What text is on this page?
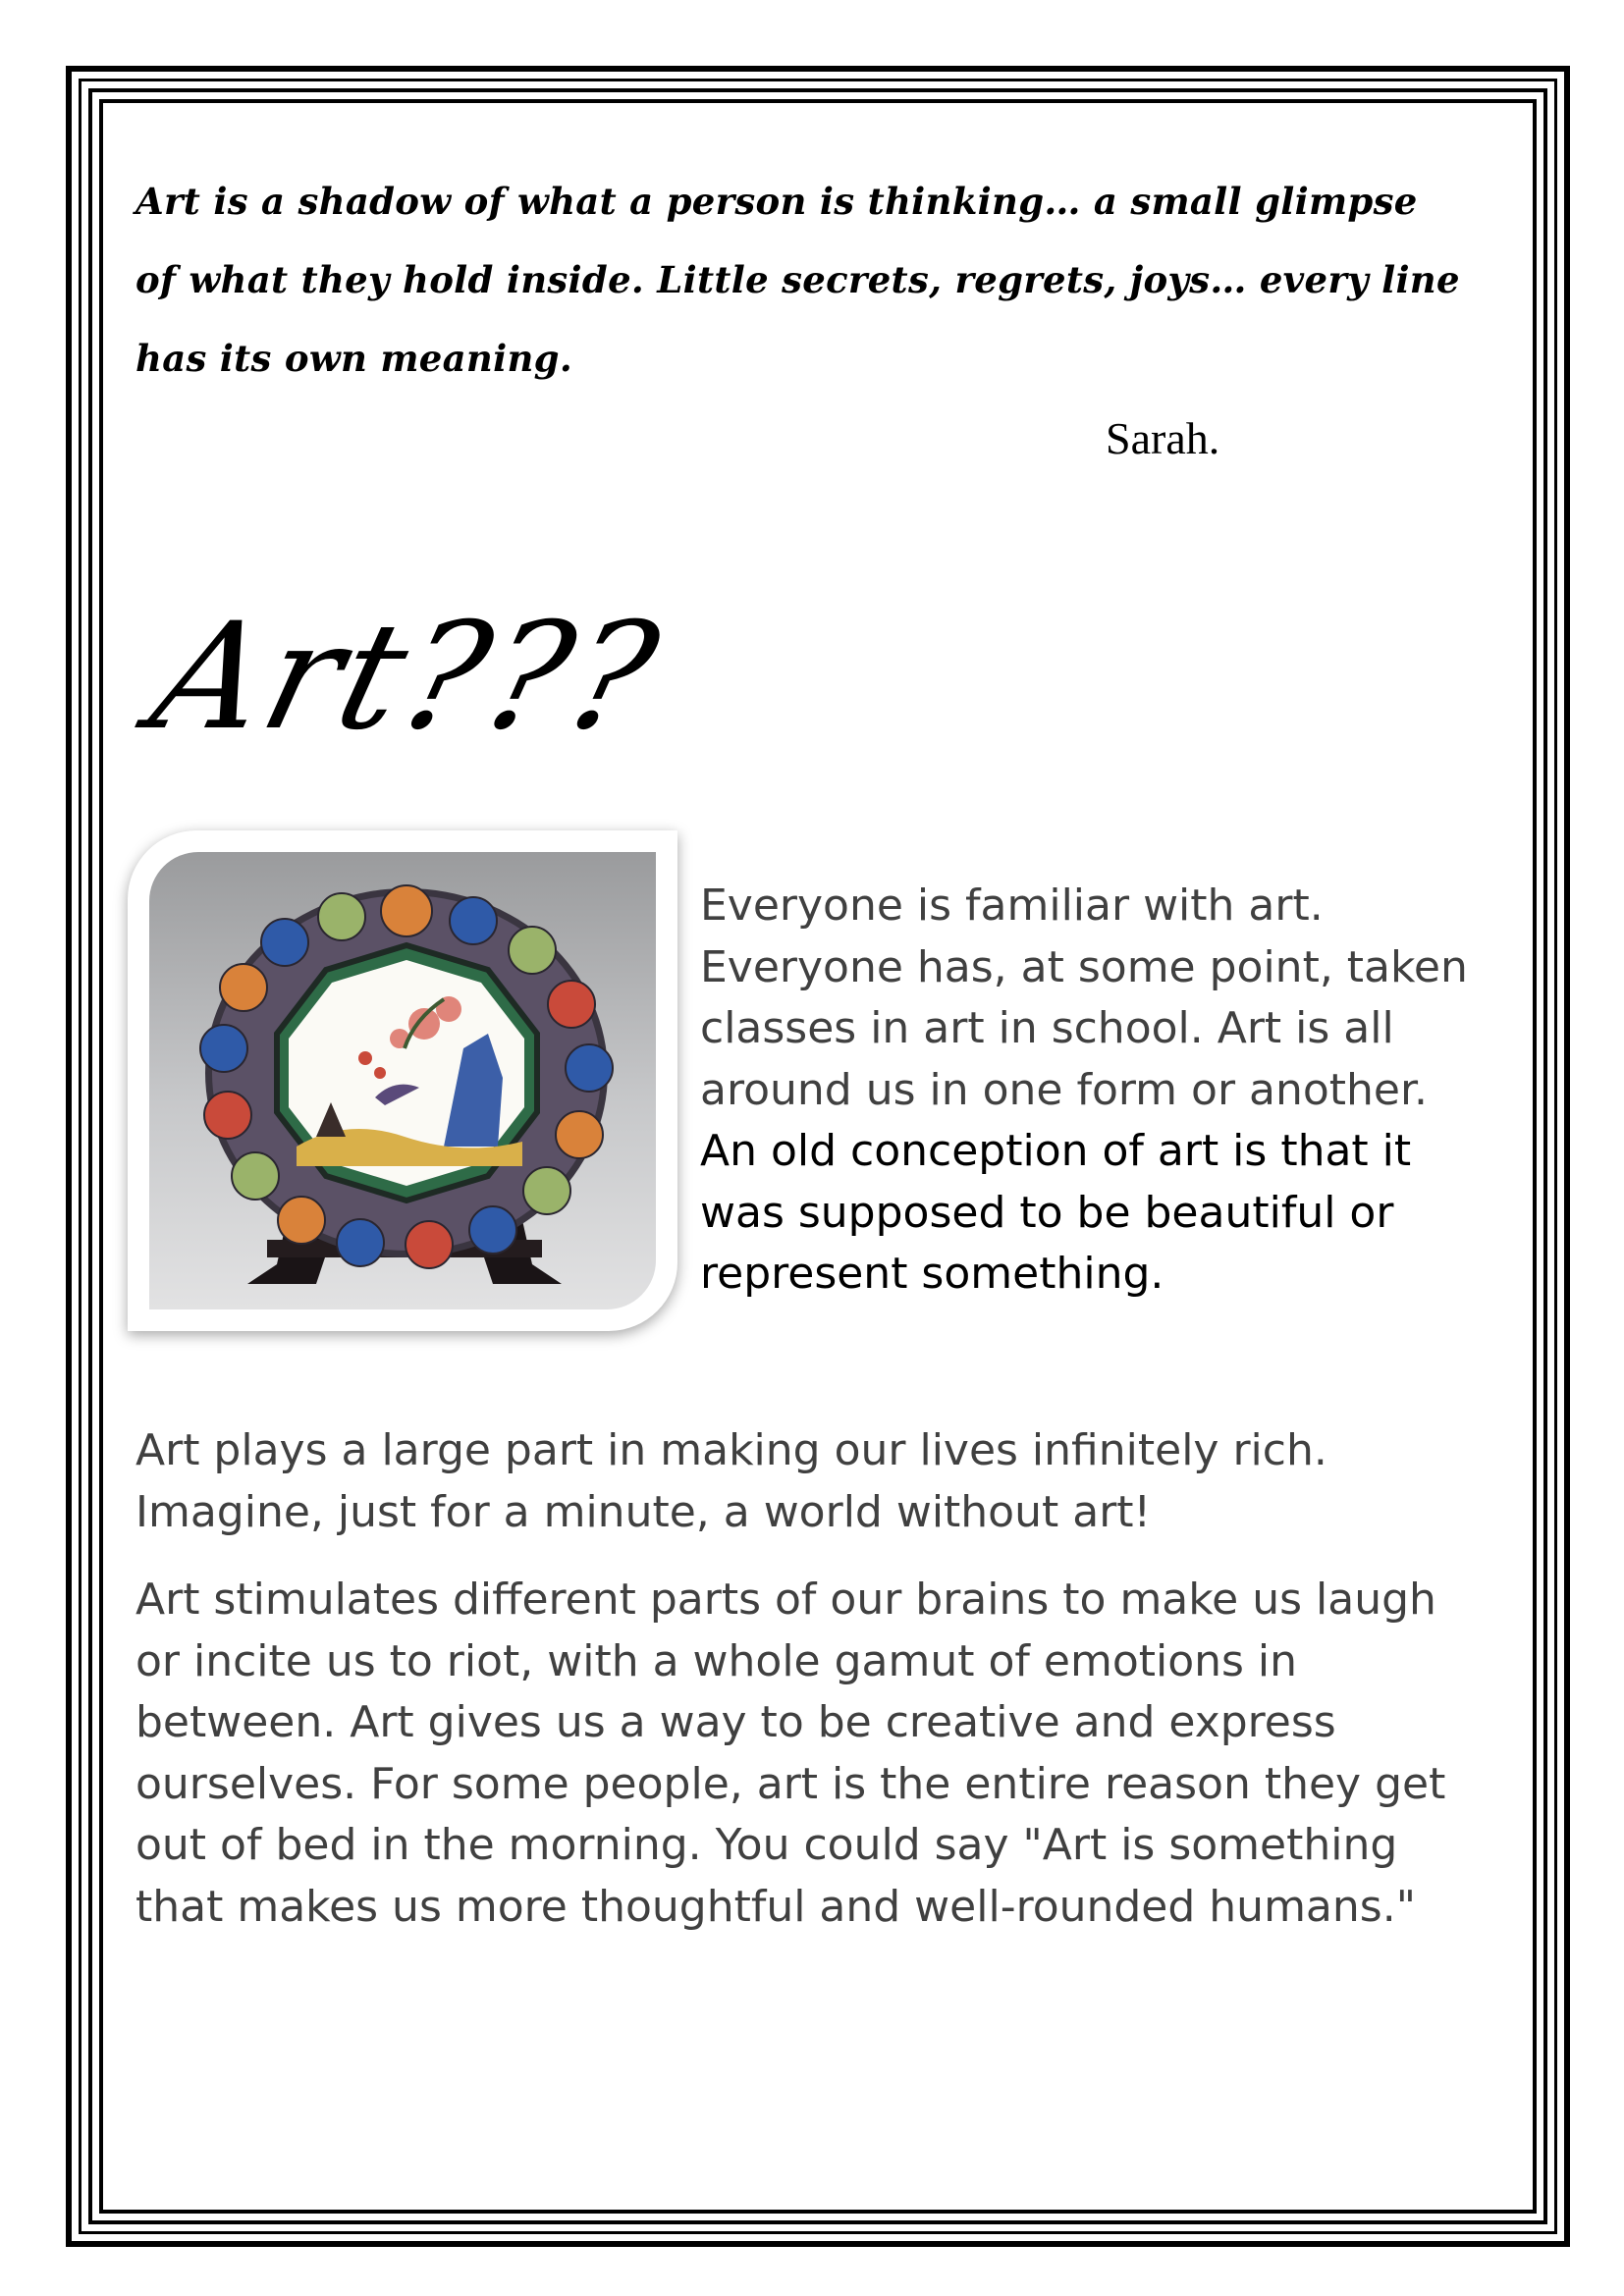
Art is a shadow of what a person is thinking… a small glimpse
of what they hold inside. Little secrets, regrets, joys… every line
has its own meaning.
Sarah.
Art???
Everyone is familiar with art.
Everyone has, at some point, taken
classes in art in school. Art is all
around us in one form or another.
An old conception of art is that it
was supposed to be beautiful or
represent something.
Art plays a large part in making our lives infinitely rich.
Imagine, just for a minute, a world without art!
Art stimulates different parts of our brains to make us laugh
or incite us to riot, with a whole gamut of emotions in
between. Art gives us a way to be creative and express
ourselves. For some people, art is the entire reason they get
out of bed in the morning. You could say "Art is something
that makes us more thoughtful and well-rounded humans."
